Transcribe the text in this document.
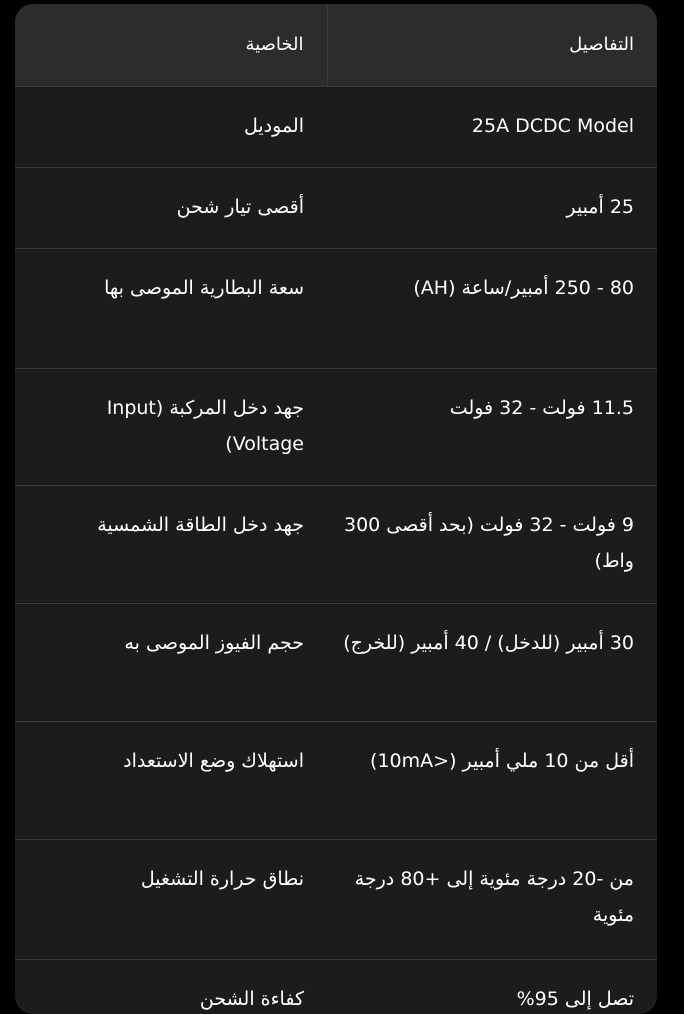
التفاصيل	الخاصية
25A DCDC Model	الموديل
25 أمبير	أقصى تيار شحن
80 - 250 أمبير/ساعة (AH)	سعة البطارية الموصى بها
11.5 فولت - 32 فولت	جهد دخل المركبة (Input Voltage)
9 فولت - 32 فولت (بحد أقصى 300 واط)	جهد دخل الطاقة الشمسية
30 أمبير (للدخل) / 40 أمبير (للخرج)	حجم الفيوز الموصى به
أقل من 10 ملي أمبير (<10mA)	استهلاك وضع الاستعداد
من -20 درجة مئوية إلى +80 درجة مئوية	نطاق حرارة التشغيل
تصل إلى 95%	كفاءة الشحن
